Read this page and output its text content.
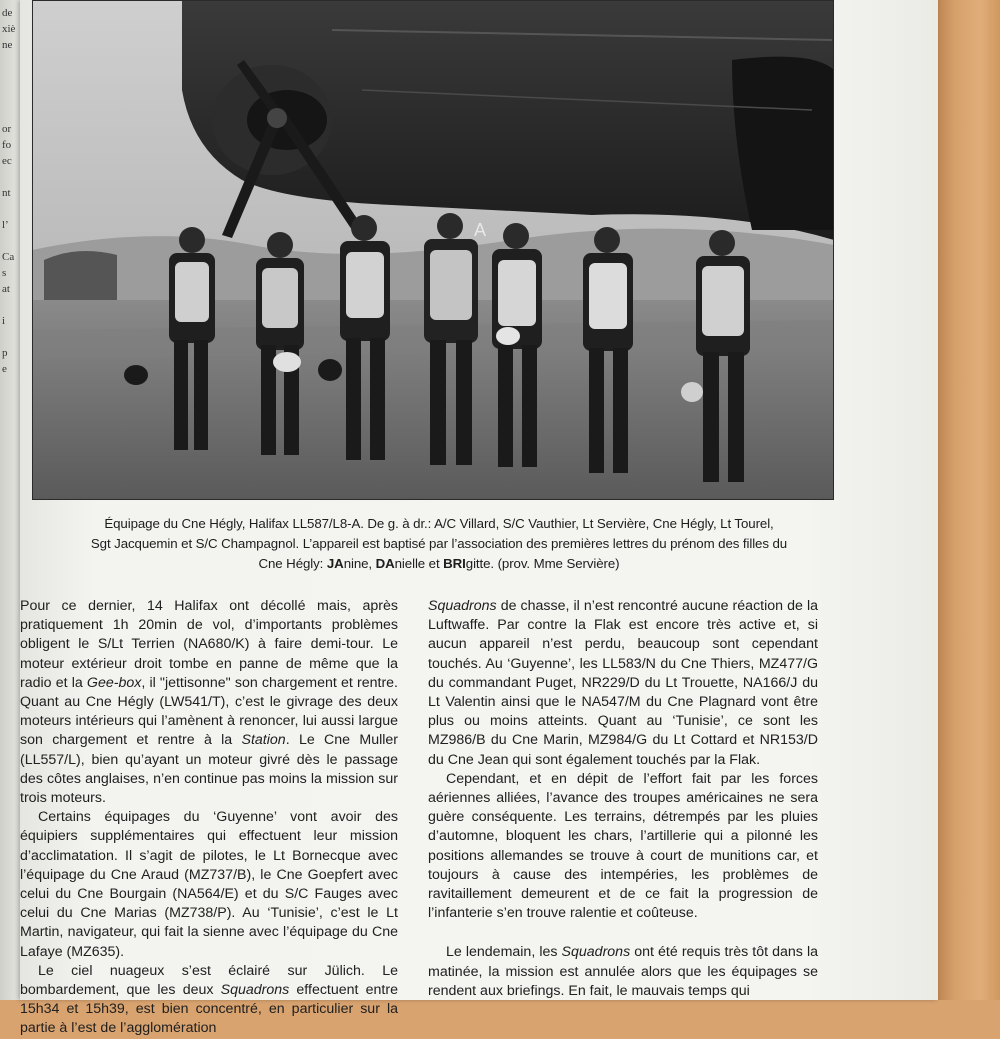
de
xiè
ne
or
fo
ec
nt
l’
Ca
s
at
i
p
e
A
Équipage du Cne Hégly, Halifax LL587/L8-A. De g. à dr.: A/C Villard, S/C Vauthier, Lt Servière, Cne Hégly, Lt Tourel,
Sgt Jacquemin et S/C Champagnol. L’appareil est baptisé par l’association des premières lettres du prénom des filles du
Cne Hégly: JAnine, DAnielle et BRIgitte. (prov. Mme Servière)

Pour ce dernier, 14 Halifax ont décollé mais, après pratiquement 1h 20min de vol, d’importants problèmes obligent le S/Lt Terrien (NA680/K) à faire demi-tour. Le moteur extérieur droit tombe en panne de même que la radio et la Gee-box, il "jettisonne" son chargement et rentre. Quant au Cne Hégly (LW541/T), c’est le givrage des deux moteurs intérieurs qui l’amènent à renoncer, lui aussi largue son chargement et rentre à la Station. Le Cne Muller (LL557/L), bien qu’ayant un moteur givré dès le passage des côtes anglaises, n’en continue pas moins la mission sur trois moteurs.

Certains équipages du ‘Guyenne’ vont avoir des équipiers supplémentaires qui effectuent leur mission d’acclimatation. Il s’agit de pilotes, le Lt Bornecque avec l’équipage du Cne Araud (MZ737/B), le Cne Goepfert avec celui du Cne Bourgain (NA564/E) et du S/C Fauges avec celui du Cne Marias (MZ738/P). Au ‘Tunisie’, c’est le Lt Martin, navigateur, qui fait la sienne avec l’équipage du Cne Lafaye (MZ635).

Le ciel nuageux s’est éclairé sur Jülich. Le bombardement, que les deux Squadrons effectuent entre 15h34 et 15h39, est bien concentré, en particulier sur la partie à l’est de l’agglomération

Squadrons de chasse, il n’est rencontré aucune réaction de la Luftwaffe. Par contre la Flak est encore très active et, si aucun appareil n’est perdu, beaucoup sont cependant touchés. Au ‘Guyenne’, les LL583/N du Cne Thiers, MZ477/G du commandant Puget, NR229/D du Lt Trouette, NA166/J du Lt Valentin ainsi que le NA547/M du Cne Plagnard vont être plus ou moins atteints. Quant au ‘Tunisie’, ce sont les MZ986/B du Cne Marin, MZ984/G du Lt Cottard et NR153/D du Cne Jean qui sont également touchés par la Flak.

Cependant, et en dépit de l’effort fait par les forces aériennes alliées, l’avance des troupes américaines ne sera guère conséquente. Les terrains, détrempés par les pluies d’automne, bloquent les chars, l’artillerie qui a pilonné les positions allemandes se trouve à court de munitions car, et toujours à cause des intempéries, les problèmes de ravitaillement demeurent et de ce fait la progression de l’infanterie s’en trouve ralentie et coûteuse.

Le lendemain, les Squadrons ont été requis très tôt dans la matinée, la mission est annulée alors que les équipages se rendent aux briefings. En fait, le mauvais temps qui
